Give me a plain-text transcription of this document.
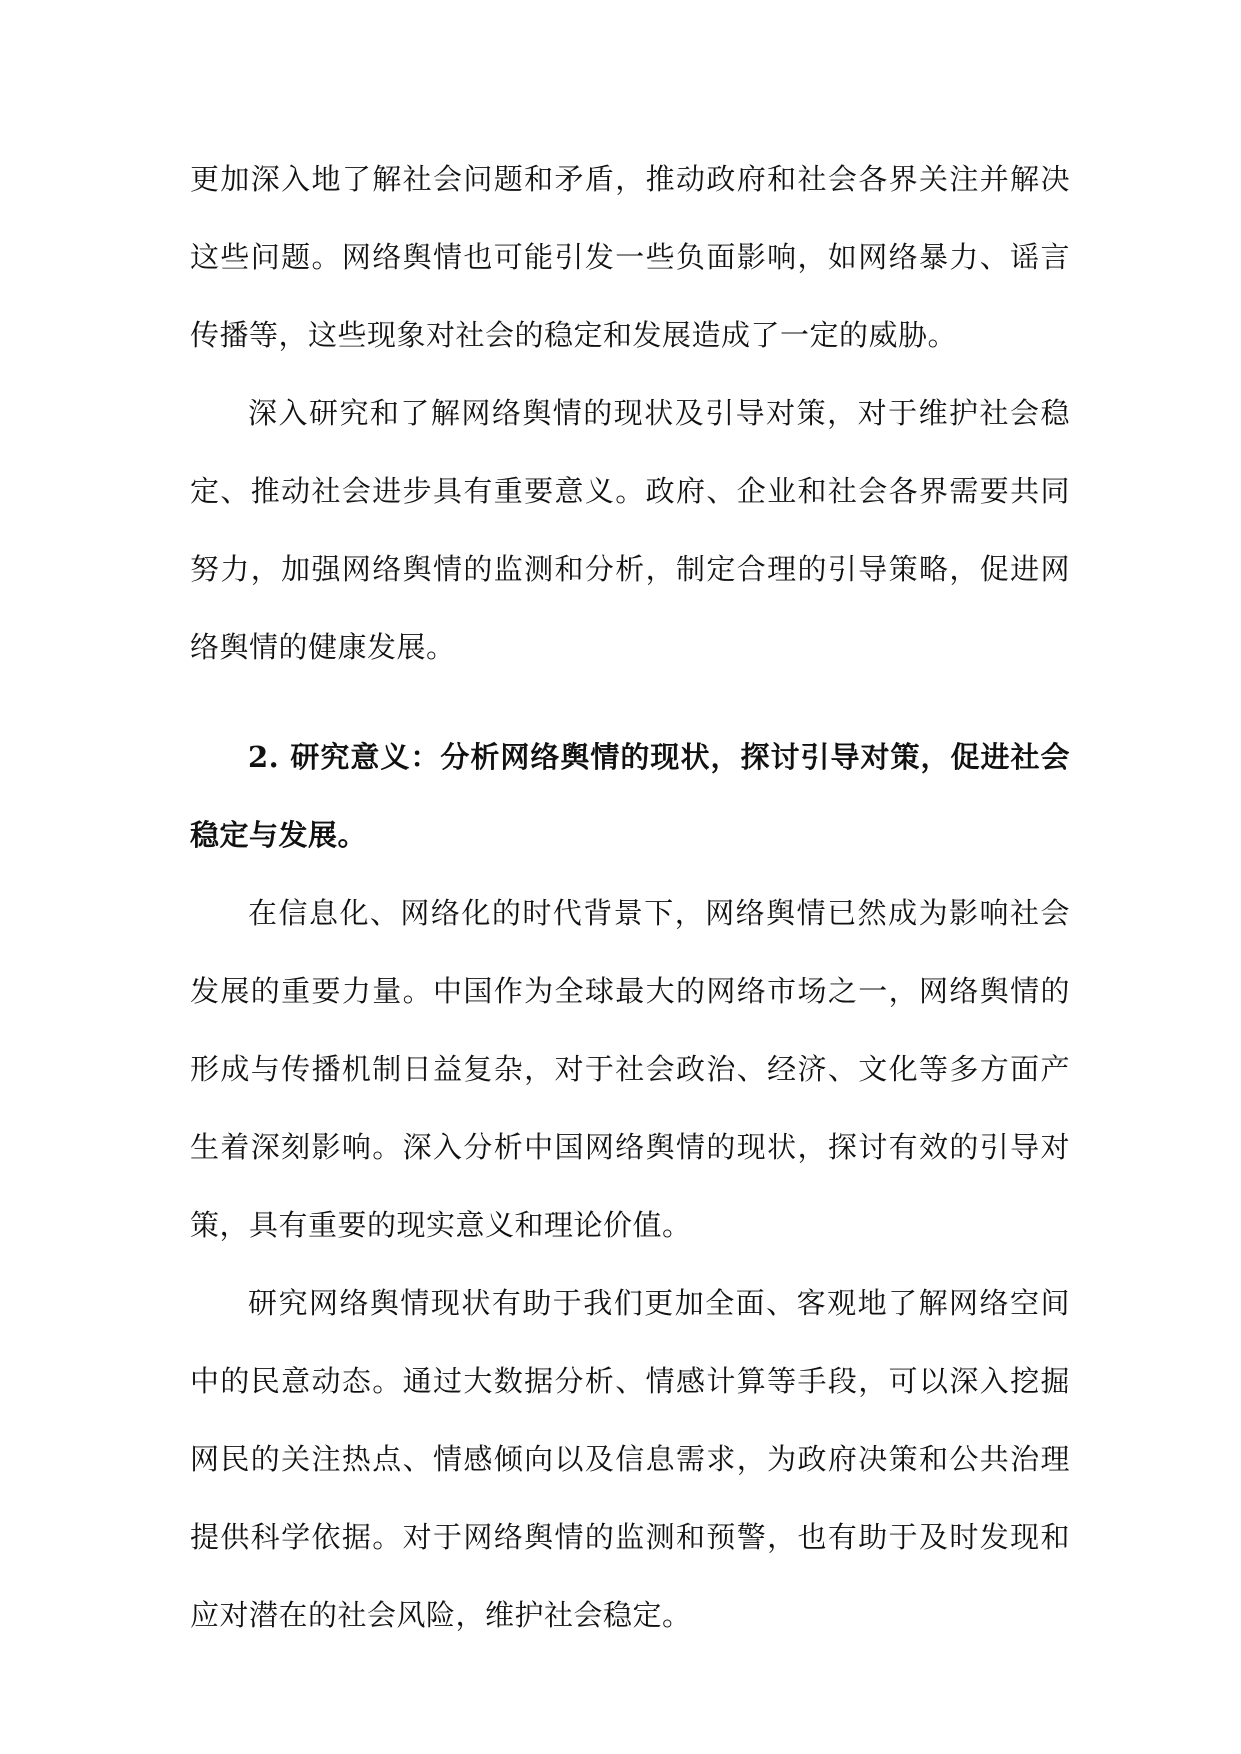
更加深入地了解社会问题和矛盾，推动政府和社会各界关注并解决这些问题。网络舆情也可能引发一些负面影响，如网络暴力、谣言传播等，这些现象对社会的稳定和发展造成了一定的威胁。

深入研究和了解网络舆情的现状及引导对策，对于维护社会稳定、推动社会进步具有重要意义。政府、企业和社会各界需要共同努力，加强网络舆情的监测和分析，制定合理的引导策略，促进网络舆情的健康发展。

2. 研究意义：分析网络舆情的现状，探讨引导对策，促进社会稳定与发展。

在信息化、网络化的时代背景下，网络舆情已然成为影响社会发展的重要力量。中国作为全球最大的网络市场之一，网络舆情的形成与传播机制日益复杂，对于社会政治、经济、文化等多方面产生着深刻影响。深入分析中国网络舆情的现状，探讨有效的引导对策，具有重要的现实意义和理论价值。

研究网络舆情现状有助于我们更加全面、客观地了解网络空间中的民意动态。通过大数据分析、情感计算等手段，可以深入挖掘网民的关注热点、情感倾向以及信息需求，为政府决策和公共治理提供科学依据。对于网络舆情的监测和预警，也有助于及时发现和应对潜在的社会风险，维护社会稳定。
